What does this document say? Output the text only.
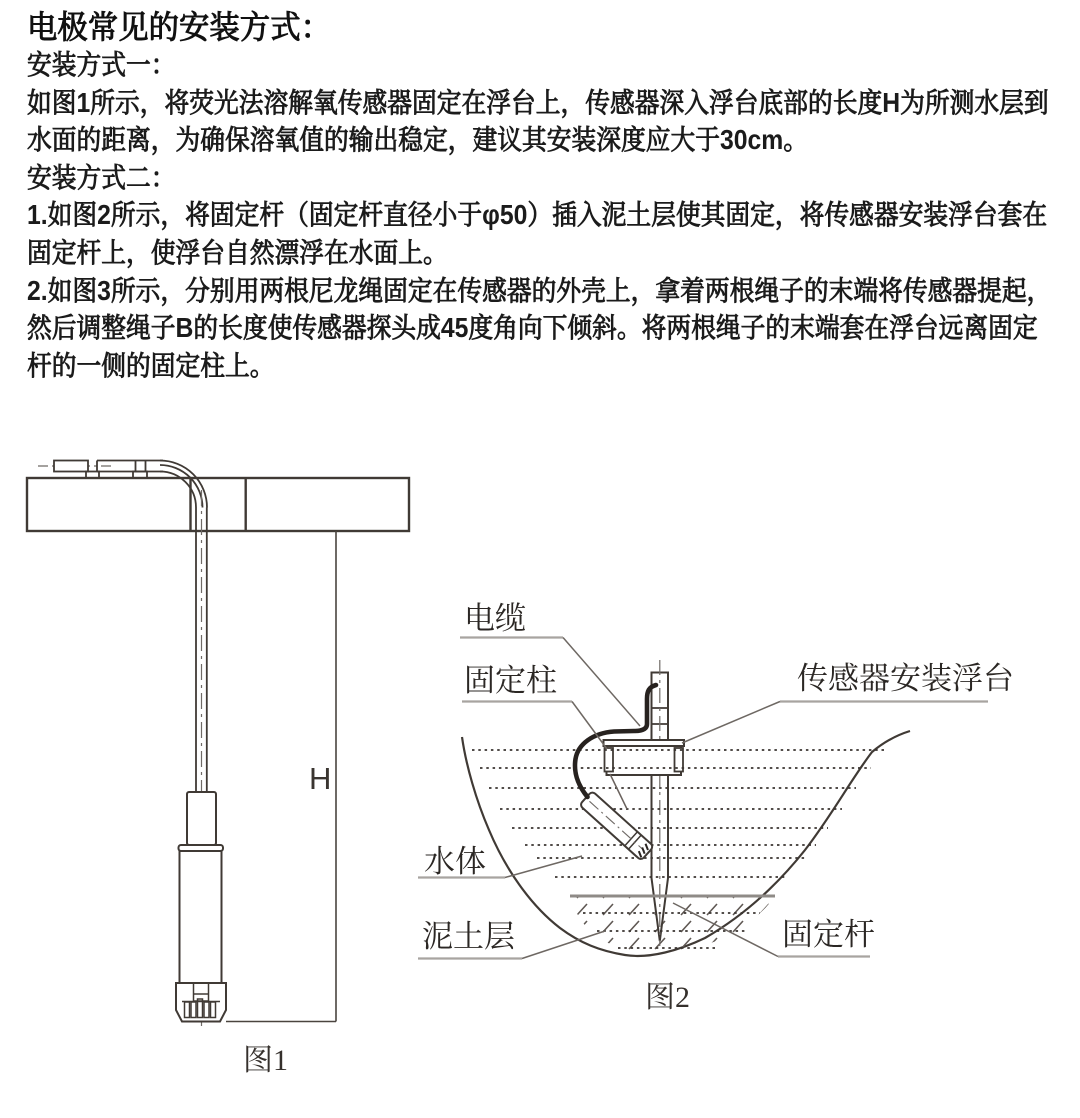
电极常见的安装方式：
安装方式一：
如图1所示，将荧光法溶解氧传感器固定在浮台上，传感器深入浮台底部的长度H为所测水层到
水面的距离，为确保溶氧值的输出稳定，建议其安装深度应大于30cm。
安装方式二：
1.如图2所示，将固定杆（固定杆直径小于φ50）插入泥土层使其固定，将传感器安装浮台套在
固定杆上，使浮台自然漂浮在水面上。
2.如图3所示，分别用两根尼龙绳固定在传感器的外壳上，拿着两根绳子的末端将传感器提起，
然后调整绳子B的长度使传感器探头成45度角向下倾斜。将两根绳子的末端套在浮台远离固定
杆的一侧的固定柱上。
H
图1
电缆
固定柱	传感器安装浮台
水体
泥土层	固定杆
图2
